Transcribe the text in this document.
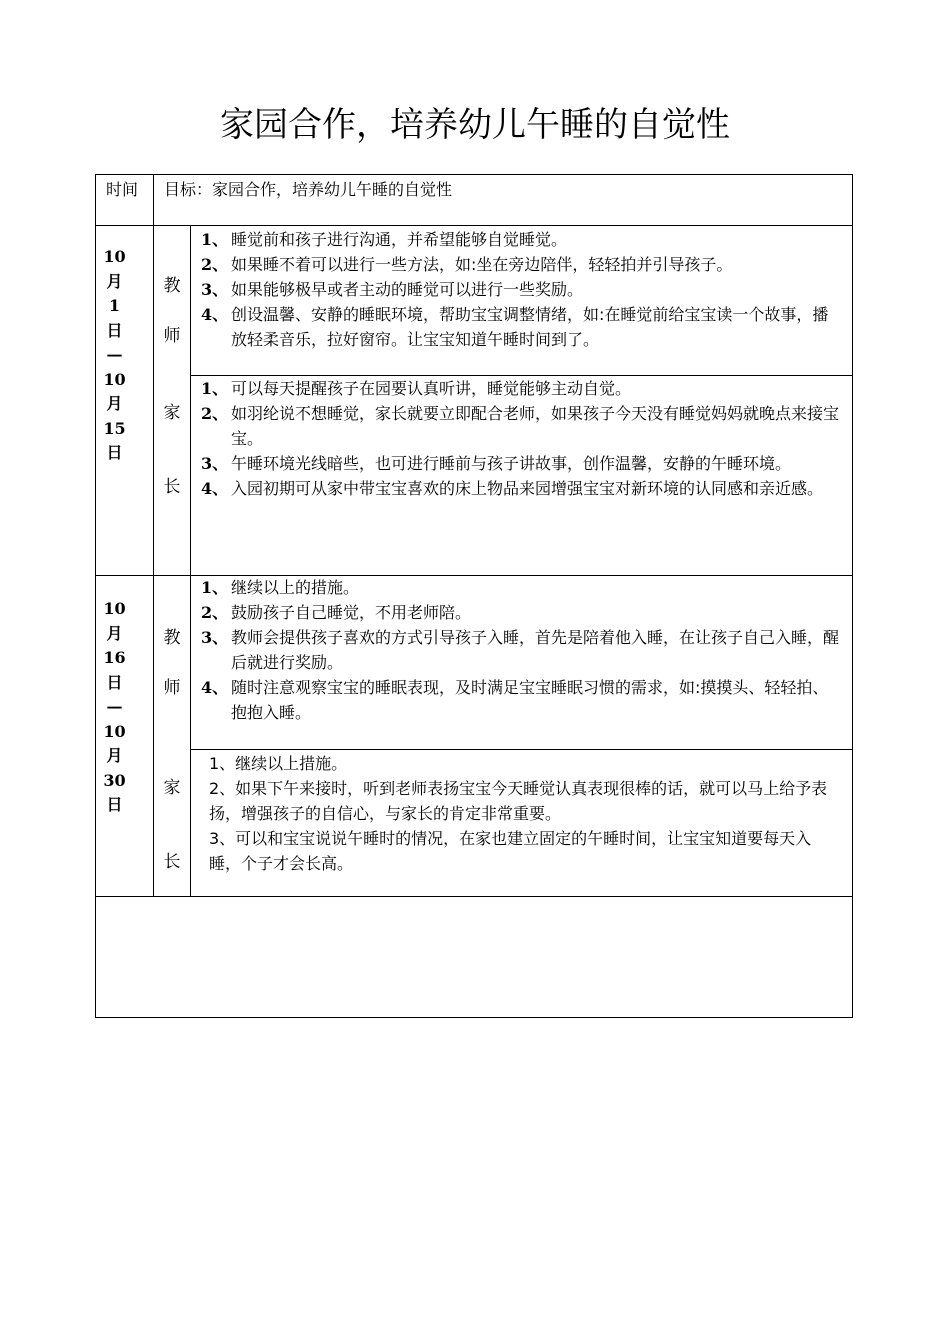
家园合作，培养幼儿午睡的自觉性
时间	目标：家园合作，培养幼儿午睡的自觉性
10
月
1
日
—
10
月
15
日
教
师
1、 睡觉前和孩子进行沟通，并希望能够自觉睡觉。
2、 如果睡不着可以进行一些方法，如:坐在旁边陪伴，轻轻拍并引导孩子。
3、 如果能够极早或者主动的睡觉可以进行一些奖励。
4、 创设温馨、安静的睡眠环境，帮助宝宝调整情绪，如:在睡觉前给宝宝读一个故事，播放轻柔音乐，拉好窗帘。让宝宝知道午睡时间到了。
家
长
1、 可以每天提醒孩子在园要认真听讲，睡觉能够主动自觉。
2、 如羽纶说不想睡觉，家长就要立即配合老师，如果孩子今天没有睡觉妈妈就晚点来接宝宝。
3、 午睡环境光线暗些，也可进行睡前与孩子讲故事，创作温馨，安静的午睡环境。
4、 入园初期可从家中带宝宝喜欢的床上物品来园增强宝宝对新环境的认同感和亲近感。
10
月
16
日
—
10
月
30
日
教
师
1、 继续以上的措施。
2、 鼓励孩子自己睡觉，不用老师陪。
3、 教师会提供孩子喜欢的方式引导孩子入睡，首先是陪着他入睡，在让孩子自己入睡，醒后就进行奖励。
4、 随时注意观察宝宝的睡眠表现，及时满足宝宝睡眠习惯的需求，如:摸摸头、轻轻拍、抱抱入睡。
家
长

1、继续以上措施。

2、如果下午来接时，听到老师表扬宝宝今天睡觉认真表现很棒的话，就可以马上给予表扬，增强孩子的自信心，与家长的肯定非常重要。

3、可以和宝宝说说午睡时的情况，在家也建立固定的午睡时间，让宝宝知道要每天入睡，个子才会长高。
